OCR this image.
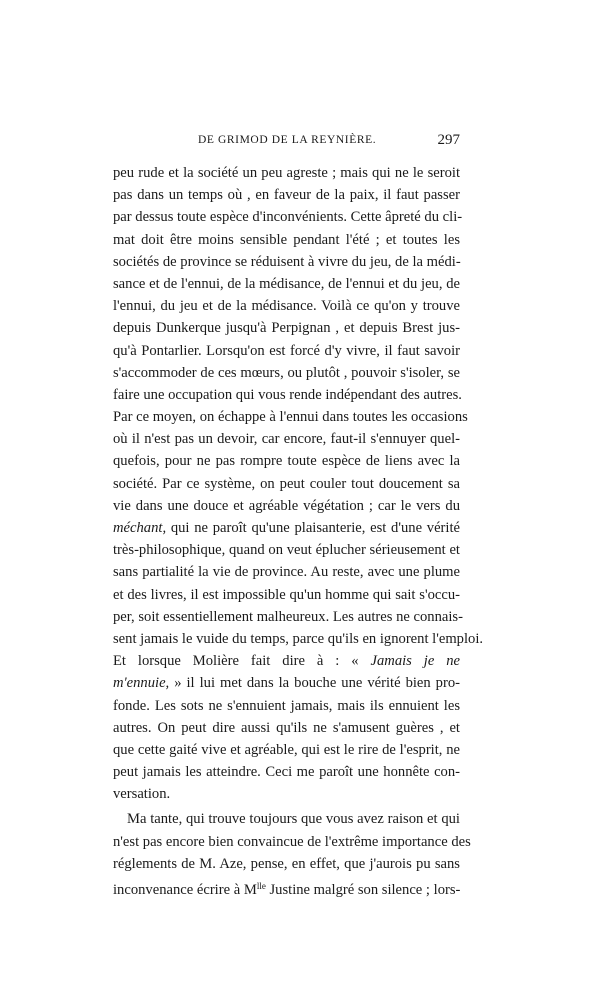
DE GRIMOD DE LA REYNIÈRE.	297
peu rude et la société un peu agreste ; mais qui ne le seroit
pas dans un temps où , en faveur de la paix, il faut passer
par dessus toute espèce d'inconvénients. Cette âpreté du cli-
mat doit être moins sensible pendant l'été ; et toutes les
sociétés de province se réduisent à vivre du jeu, de la médi-
sance et de l'ennui, de la médisance, de l'ennui et du jeu, de
l'ennui, du jeu et de la médisance. Voilà ce qu'on y trouve
depuis Dunkerque jusqu'à Perpignan , et depuis Brest jus-
qu'à Pontarlier. Lorsqu'on est forcé d'y vivre, il faut savoir
s'accommoder de ces mœurs, ou plutôt , pouvoir s'isoler, se
faire une occupation qui vous rende indépendant des autres.
Par ce moyen, on échappe à l'ennui dans toutes les occasions
où il n'est pas un devoir, car encore, faut-il s'ennuyer quel-
quefois, pour ne pas rompre toute espèce de liens avec la
société. Par ce système, on peut couler tout doucement sa
vie dans une douce et agréable végétation ; car le vers du
méchant, qui ne paroît qu'une plaisanterie, est d'une vérité
très-philosophique, quand on veut éplucher sérieusement et
sans partialité la vie de province. Au reste, avec une plume
et des livres, il est impossible qu'un homme qui sait s'occu-
per, soit essentiellement malheureux. Les autres ne connais-
sent jamais le vuide du temps, parce qu'ils en ignorent l'emploi.
Et lorsque Molière fait dire à : « Jamais je ne
m'ennuie, » il lui met dans la bouche une vérité bien pro-
fonde. Les sots ne s'ennuient jamais, mais ils ennuient les
autres. On peut dire aussi qu'ils ne s'amusent guères , et
que cette gaité vive et agréable, qui est le rire de l'esprit, ne
peut jamais les atteindre. Ceci me paroît une honnête con-
versation.
Ma tante, qui trouve toujours que vous avez raison et qui
n'est pas encore bien convaincue de l'extrême importance des
réglements de M. Aze, pense, en effet, que j'aurois pu sans
inconvenance écrire à $M^{lle}$ Justine malgré son silence ; lors-
